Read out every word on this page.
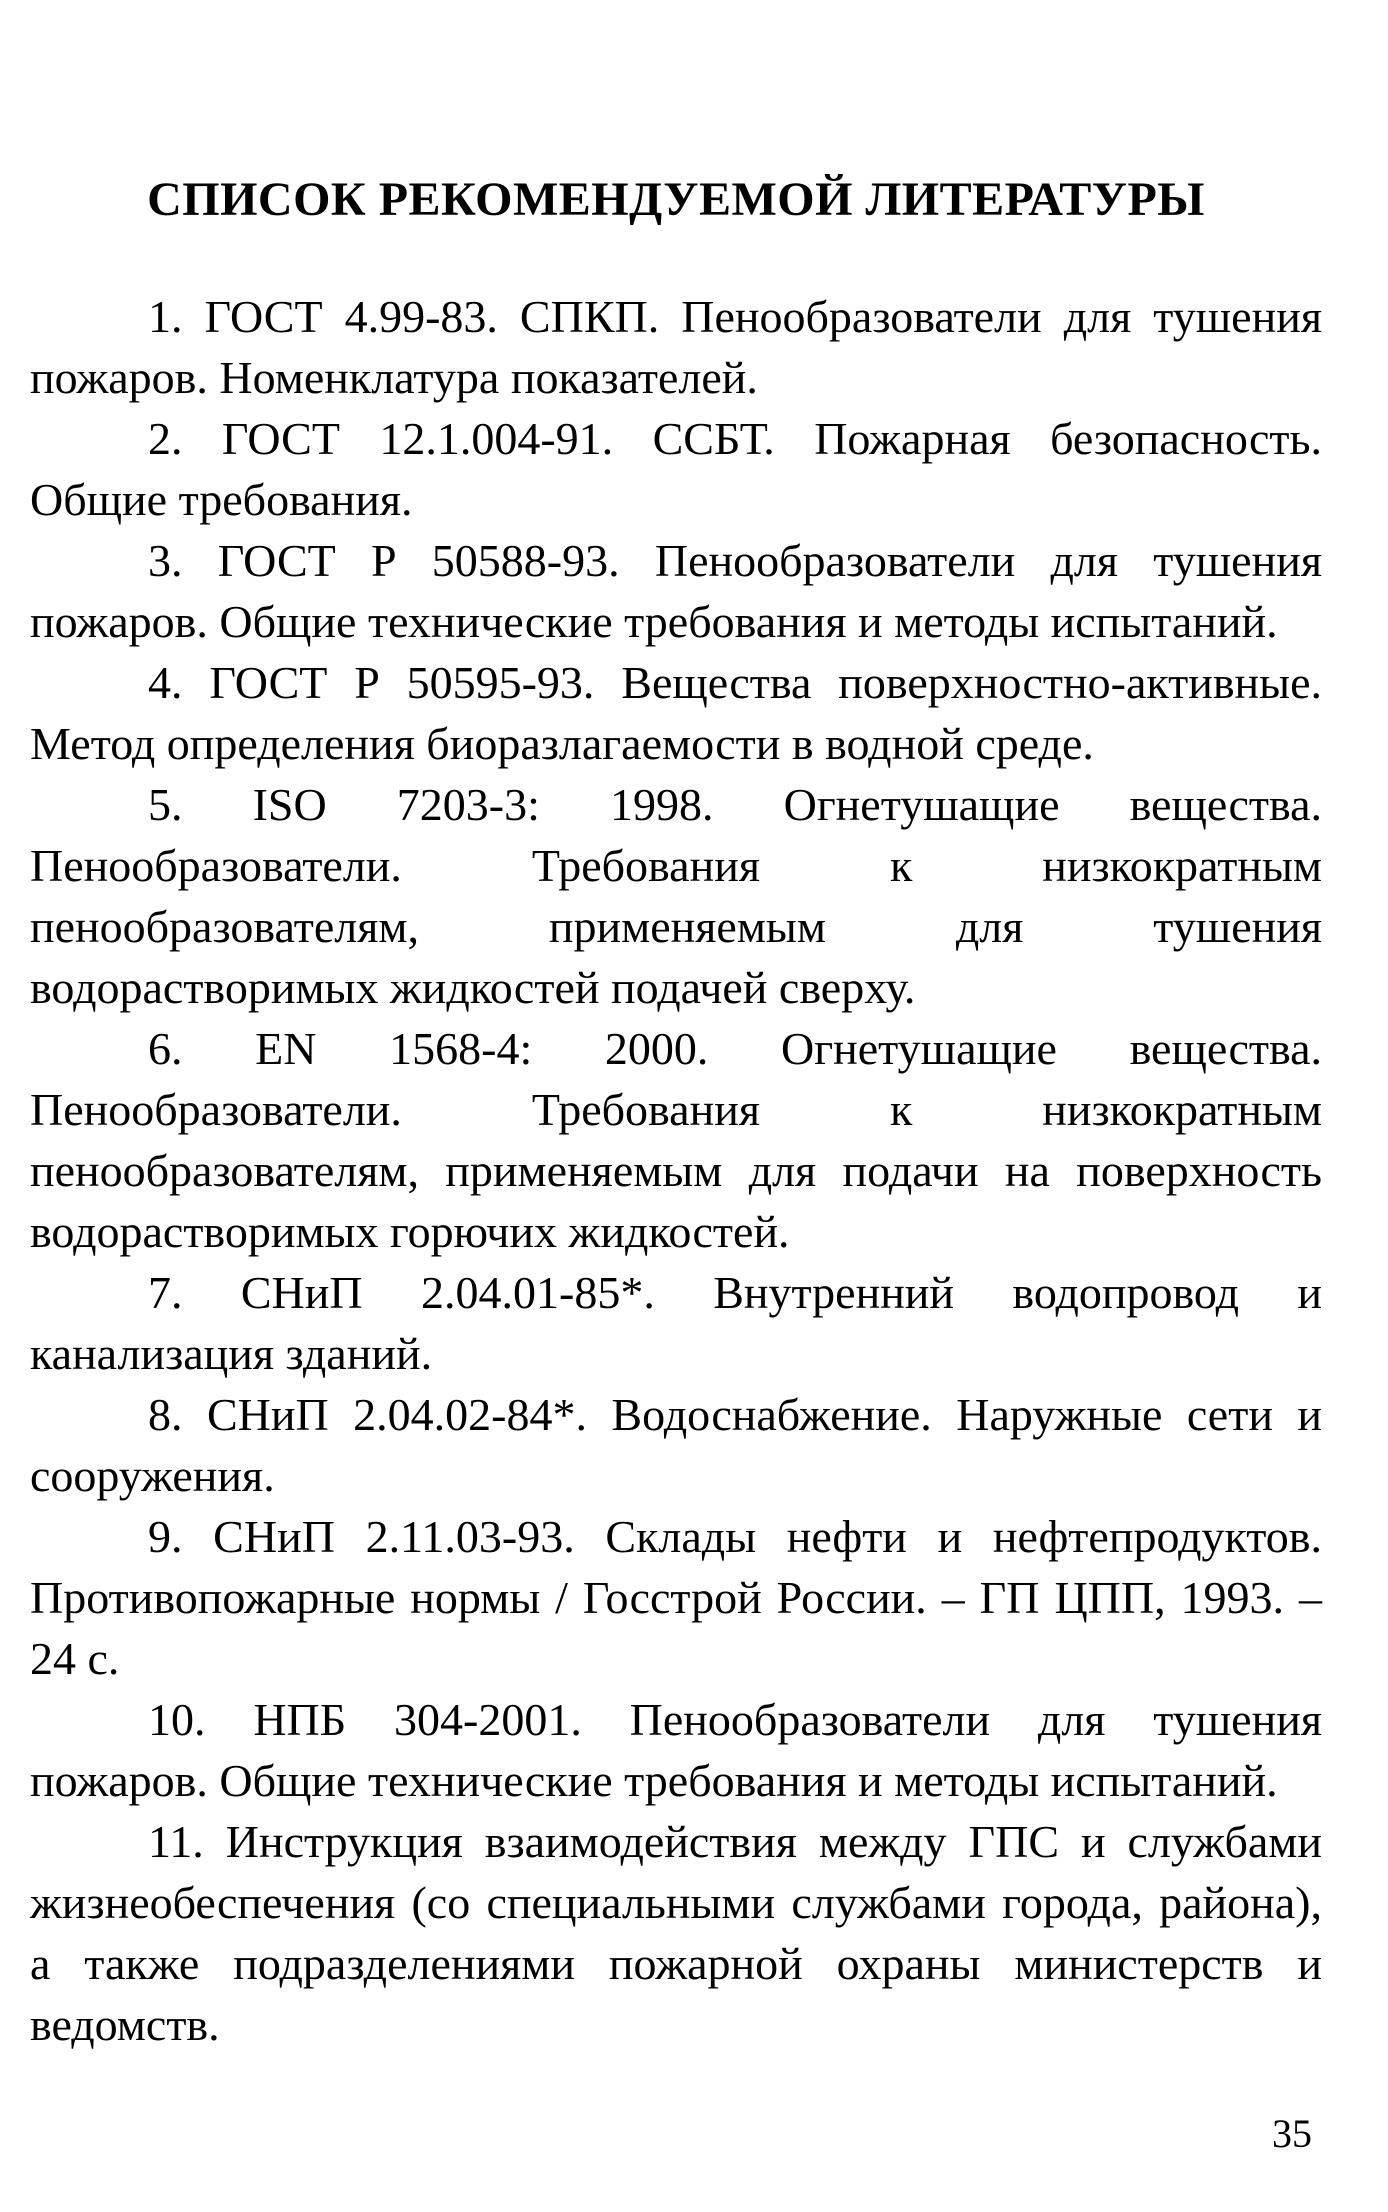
СПИСОК РЕКОМЕНДУЕМОЙ ЛИТЕРАТУРЫ
1. ГОСТ 4.99-83. СПКП. Пенообразователи для тушения пожаров. Номенклатура показателей.
2. ГОСТ 12.1.004-91. ССБТ. Пожарная безопасность. Общие требования.
3. ГОСТ Р 50588-93. Пенообразователи для тушения пожаров. Общие технические требования и методы испытаний.
4. ГОСТ Р 50595-93. Вещества поверхностно-активные. Метод определения биоразлагаемости в водной среде.
5. ISO 7203-3: 1998. Огнетушащие вещества. Пенообразователи. Требования к низкократным пенообразователям, применяемым для тушения водорастворимых жидкостей подачей сверху.
6. EN 1568-4: 2000. Огнетушащие вещества. Пенообразователи. Требования к низкократным пенообразователям, применяемым для подачи на поверхность водорастворимых горючих жидкостей.
7. СНиП 2.04.01-85*. Внутренний водопровод и канализация зданий.
8. СНиП 2.04.02-84*. Водоснабжение. Наружные сети и сооружения.
9. СНиП 2.11.03-93. Склады нефти и нефтепродуктов. Противопожарные нормы / Госстрой России. – ГП ЦПП, 1993. – 24 с.
10. НПБ 304-2001. Пенообразователи для тушения пожаров. Общие технические требования и методы испытаний.
11. Инструкция взаимодействия между ГПС и службами жизнеобеспечения (со специальными службами города, района), а также подразделениями пожарной охраны министерств и ведомств.

35
